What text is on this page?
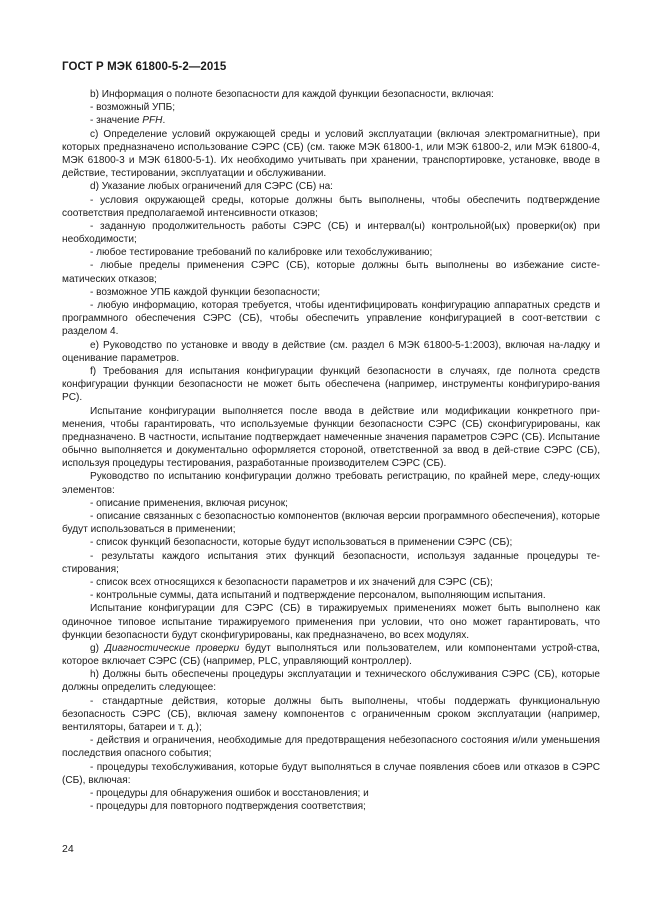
ГОСТ Р МЭК 61800-5-2—2015

b) Информация о полноте безопасности для каждой функции безопасности, включая:

- возможный УПБ;

- значение PFH.

c) Определение условий окружающей среды и условий эксплуатации (включая электромагнитные), при которых предназначено использование СЭРС (СБ) (см. также МЭК 61800-1, или МЭК 61800-2, или МЭК 61800-4, МЭК 61800-3 и МЭК 61800-5-1). Их необходимо учитывать при хранении, транспортировке, установке, вводе в действие, тестировании, эксплуатации и обслуживании.

d) Указание любых ограничений для СЭРС (СБ) на:

- условия окружающей среды, которые должны быть выполнены, чтобы обеспечить подтверждение соответствия предполагаемой интенсивности отказов;

- заданную продолжительность работы СЭРС (СБ) и интервал(ы) контрольной(ых) проверки(ок) при необходимости;

- любое тестирование требований по калибровке или техобслуживанию;

- любые пределы применения СЭРС (СБ), которые должны быть выполнены во избежание систе-матических отказов;

- возможное УПБ каждой функции безопасности;

- любую информацию, которая требуется, чтобы идентифицировать конфигурацию аппаратных средств и программного обеспечения СЭРС (СБ), чтобы обеспечить управление конфигурацией в соот-ветствии с разделом 4.

e) Руководство по установке и вводу в действие (см. раздел 6 МЭК 61800-5-1:2003), включая на-ладку и оценивание параметров.

f) Требования для испытания конфигурации функций безопасности в случаях, где полнота средств конфигурации функции безопасности не может быть обеспечена (например, инструменты конфигуриро-вания PC).

Испытание конфигурации выполняется после ввода в действие или модификации конкретного при-менения, чтобы гарантировать, что используемые функции безопасности СЭРС (СБ) сконфигурированы, как предназначено. В частности, испытание подтверждает намеченные значения параметров СЭРС (СБ). Испытание обычно выполняется и документально оформляется стороной, ответственной за ввод в дей-ствие СЭРС (СБ), используя процедуры тестирования, разработанные производителем СЭРС (СБ).

Руководство по испытанию конфигурации должно требовать регистрацию, по крайней мере, следу-ющих элементов:

- описание применения, включая рисунок;

- описание связанных с безопасностью компонентов (включая версии программного обеспечения), которые будут использоваться в применении;

- список функций безопасности, которые будут использоваться в применении СЭРС (СБ);

- результаты каждого испытания этих функций безопасности, используя заданные процедуры те-стирования;

- список всех относящихся к безопасности параметров и их значений для СЭРС (СБ);

- контрольные суммы, дата испытаний и подтверждение персоналом, выполняющим испытания.

Испытание конфигурации для СЭРС (СБ) в тиражируемых применениях может быть выполнено как одиночное типовое испытание тиражируемого применения при условии, что оно может гарантировать, что функции безопасности будут сконфигурированы, как предназначено, во всех модулях.

g) Диагностические проверки будут выполняться или пользователем, или компонентами устрой-ства, которое включает СЭРС (СБ) (например, PLC, управляющий контроллер).

h) Должны быть обеспечены процедуры эксплуатации и технического обслуживания СЭРС (СБ), которые должны определить следующее:

- стандартные действия, которые должны быть выполнены, чтобы поддержать функциональную безопасность СЭРС (СБ), включая замену компонентов с ограниченным сроком эксплуатации (например, вентиляторы, батареи и т. д.);

- действия и ограничения, необходимые для предотвращения небезопасного состояния и/или уменьшения последствия опасного события;

- процедуры техобслуживания, которые будут выполняться в случае появления сбоев или отказов в СЭРС (СБ), включая:

- процедуры для обнаружения ошибок и восстановления; и

- процедуры для повторного подтверждения соответствия;

24
